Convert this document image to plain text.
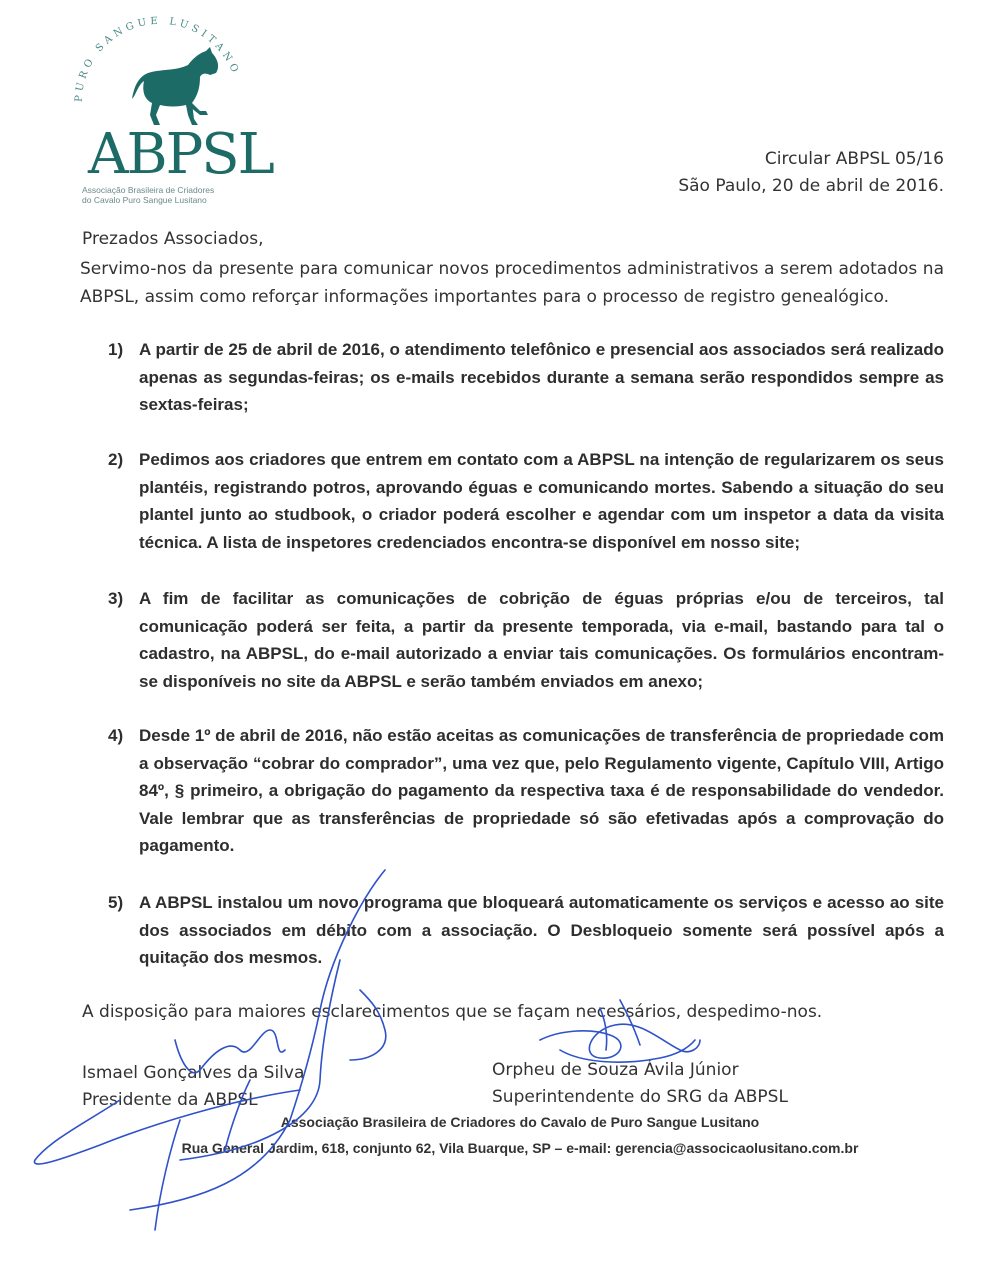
PURO SANGUE LUSITANO
ABPSL
Associação Brasileira de Criadores
do Cavalo Puro Sangue Lusitano
Circular ABPSL 05/16
São Paulo, 20 de abril de 2016.
Prezados Associados,
Servimo-nos da presente para comunicar novos procedimentos administrativos a serem adotados na ABPSL, assim como reforçar informações importantes para o processo de registro genealógico.
1) A partir de 25 de abril de 2016, o atendimento telefônico e presencial aos associados será realizado apenas as segundas-feiras; os e-mails recebidos durante a semana serão respondidos sempre as sextas-feiras;
2) Pedimos aos criadores que entrem em contato com a ABPSL na intenção de regularizarem os seus plantéis, registrando potros, aprovando éguas e comunicando mortes. Sabendo a situação do seu plantel junto ao studbook, o criador poderá escolher e agendar com um inspetor a data da visita técnica. A lista de inspetores credenciados encontra-se disponível em nosso site;
3) A fim de facilitar as comunicações de cobrição de éguas próprias e/ou de terceiros, tal comunicação poderá ser feita, a partir da presente temporada, via e-mail, bastando para tal o cadastro, na ABPSL, do e-mail autorizado a enviar tais comunicações. Os formulários encontram-se disponíveis no site da ABPSL e serão também enviados em anexo;
4) Desde 1º de abril de 2016, não estão aceitas as comunicações de transferência de propriedade com a observação “cobrar do comprador”, uma vez que, pelo Regulamento vigente, Capítulo VIII, Artigo 84º, § primeiro, a obrigação do pagamento da respectiva taxa é de responsabilidade do vendedor. Vale lembrar que as transferências de propriedade só são efetivadas após a comprovação do pagamento.
5) A ABPSL instalou um novo programa que bloqueará automaticamente os serviços e acesso ao site dos associados em débito com a associação. O Desbloqueio somente será possível após a quitação dos mesmos.
A disposição para maiores esclarecimentos que se façam necessários, despedimo-nos.
Ismael Gonçalves da Silva
Presidente da ABPSL
Orpheu de Souza Ávila Júnior
Superintendente do SRG da ABPSL
Associação Brasileira de Criadores do Cavalo de Puro Sangue Lusitano
Rua General Jardim, 618, conjunto 62, Vila Buarque, SP – e-mail: gerencia@associcaolusitano.com.br
